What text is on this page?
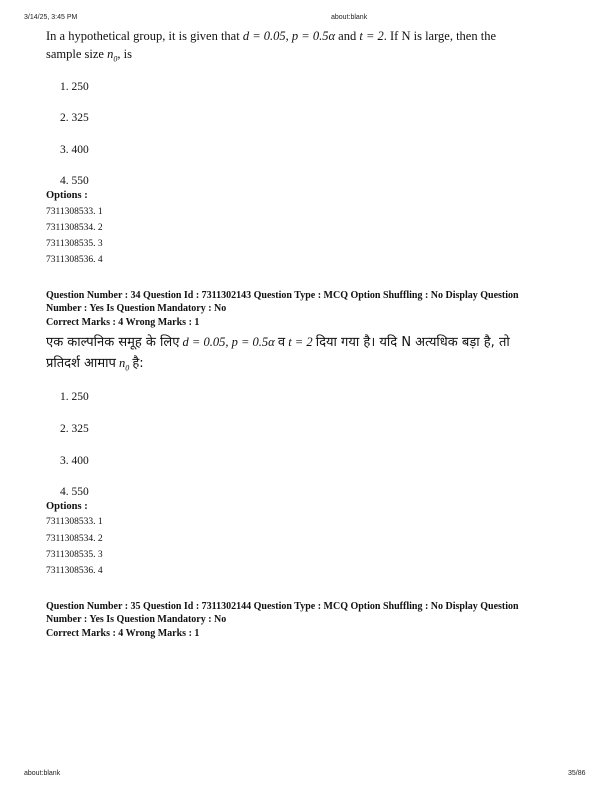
3/14/25, 3:45 PM	about:blank
In a hypothetical group, it is given that d = 0.05, p = 0.5α and t = 2. If N is large, then the
sample size $n_0$, is
1. 250
2. 325
3. 400
4. 550
Options :
7311308533. 1
7311308534. 2
7311308535. 3
7311308536. 4
Question Number : 34 Question Id : 7311302143 Question Type : MCQ Option Shuffling : No Display Question
Number : Yes Is Question Mandatory : No
Correct Marks : 4 Wrong Marks : 1
एक काल्पनिक समूह के लिए d = 0.05, p = 0.5α व t = 2 दिया गया है। यदि N अत्यधिक बड़ा है, तो
प्रतिदर्श आमाप $n_0$ है:
1. 250
2. 325
3. 400
4. 550
Options :
7311308533. 1
7311308534. 2
7311308535. 3
7311308536. 4
Question Number : 35 Question Id : 7311302144 Question Type : MCQ Option Shuffling : No Display Question
Number : Yes Is Question Mandatory : No
Correct Marks : 4 Wrong Marks : 1
about:blank	35/86
